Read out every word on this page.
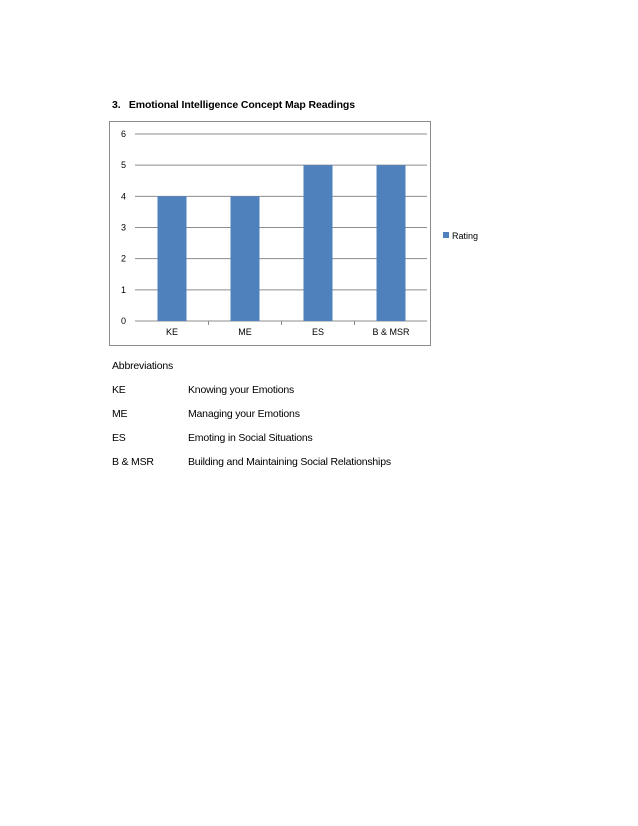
3. Emotional Intelligence Concept Map Readings
0
1
2
3
4
5
6
KE	ME	ES	B & MSR
Rating
Abbreviations
KE	Knowing your Emotions
ME	Managing your Emotions
ES	Emoting in Social Situations
B & MSR	Building and Maintaining Social Relationships
